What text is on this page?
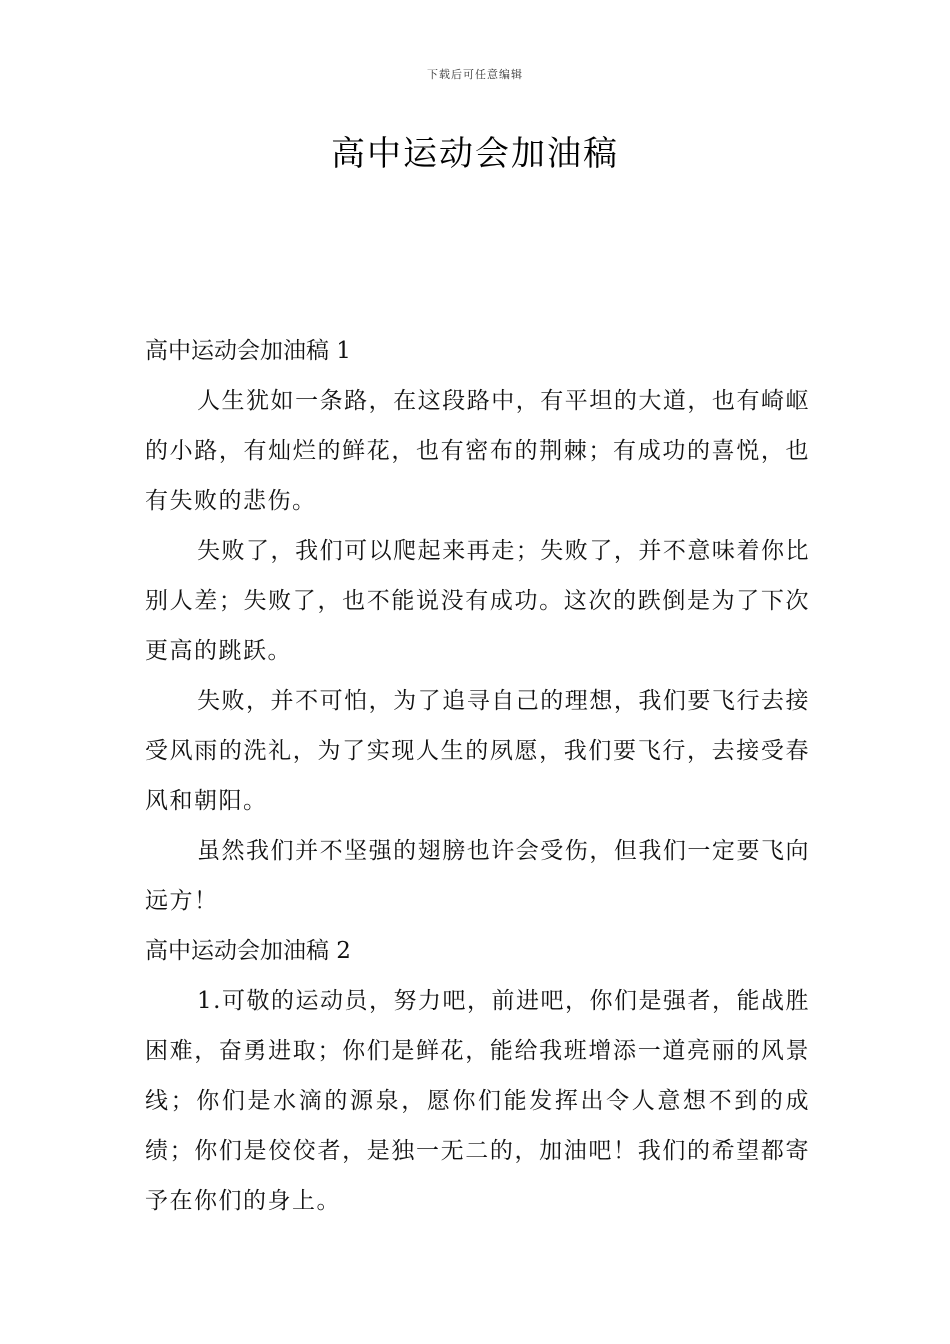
下载后可任意编辑
高中运动会加油稿
高中运动会加油稿 1

人生犹如一条路，在这段路中，有平坦的大道，也有崎岖的小路，有灿烂的鲜花，也有密布的荆棘；有成功的喜悦，也有失败的悲伤。

失败了，我们可以爬起来再走；失败了，并不意味着你比别人差；失败了，也不能说没有成功。这次的跌倒是为了下次更高的跳跃。

失败，并不可怕，为了追寻自己的理想，我们要飞行去接受风雨的洗礼，为了实现人生的夙愿，我们要飞行，去接受春风和朝阳。

虽然我们并不坚强的翅膀也许会受伤，但我们一定要飞向远方！

高中运动会加油稿 2

1.可敬的运动员，努力吧，前进吧，你们是强者，能战胜困难，奋勇进取；你们是鲜花，能给我班增添一道亮丽的风景线；你们是水滴的源泉，愿你们能发挥出令人意想不到的成绩；你们是佼佼者，是独一无二的，加油吧！我们的希望都寄予在你们的身上。
